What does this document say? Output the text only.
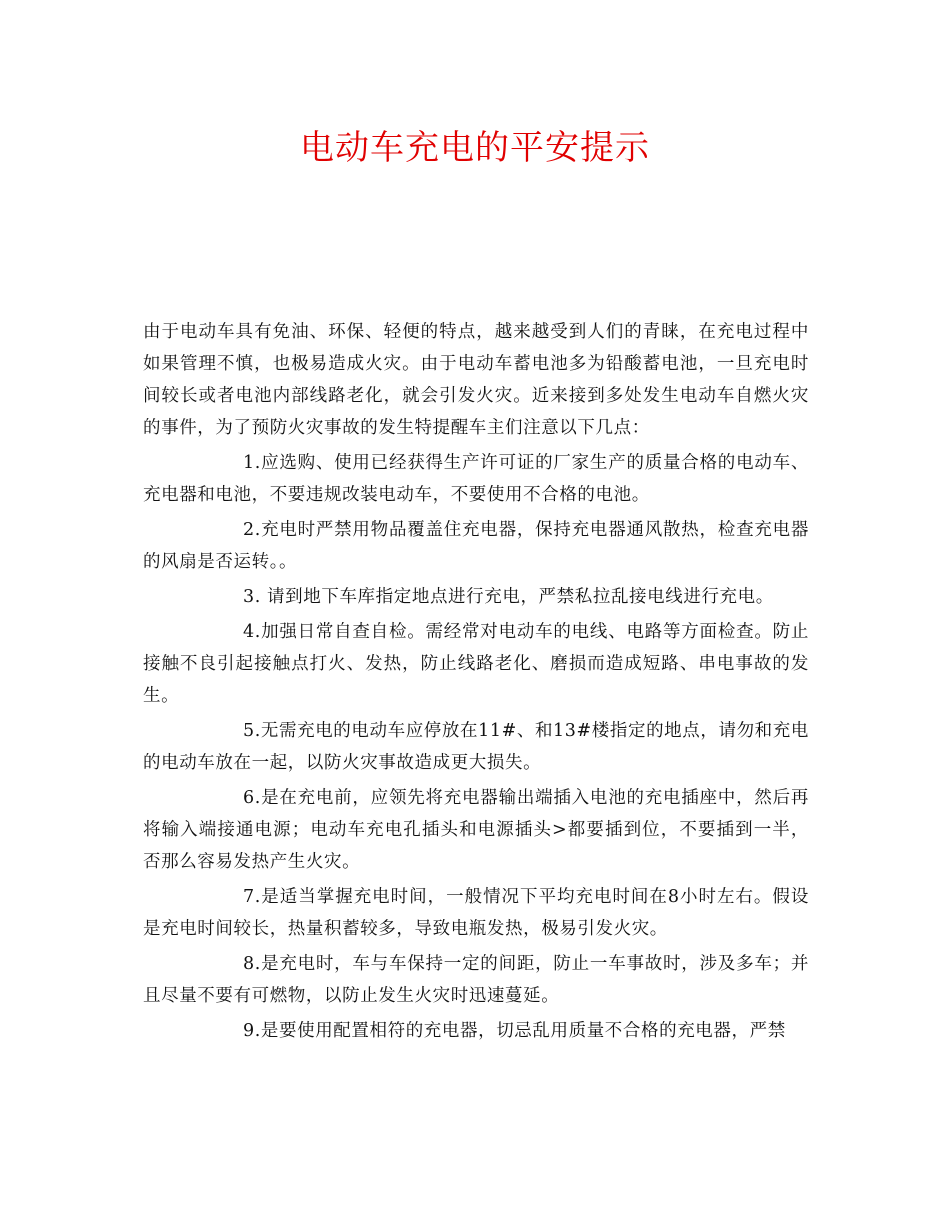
电动车充电的平安提示

由于电动车具有免油、环保、轻便的特点，越来越受到人们的青睐，在充电过程中如果管理不慎，也极易造成火灾。由于电动车蓄电池多为铅酸蓄电池，一旦充电时间较长或者电池内部线路老化，就会引发火灾。近来接到多处发生电动车自燃火灾的事件，为了预防火灾事故的发生特提醒车主们注意以下几点：

1.应选购、使用已经获得生产许可证的厂家生产的质量合格的电动车、充电器和电池，不要违规改装电动车，不要使用不合格的电池。

2.充电时严禁用物品覆盖住充电器，保持充电器通风散热，检查充电器的风扇是否运转。。

3. 请到地下车库指定地点进行充电，严禁私拉乱接电线进行充电。

4.加强日常自查自检。需经常对电动车的电线、电路等方面检查。防止接触不良引起接触点打火、发热，防止线路老化、磨损而造成短路、串电事故的发生。

5.无需充电的电动车应停放在11#、和13#楼指定的地点，请勿和充电的电动车放在一起，以防火灾事故造成更大损失。

6.是在充电前，应领先将充电器输出端插入电池的充电插座中，然后再将输入端接通电源；电动车充电孔插头和电源插头>都要插到位，不要插到一半，否那么容易发热产生火灾。

7.是适当掌握充电时间，一般情况下平均充电时间在8小时左右。假设是充电时间较长，热量积蓄较多，导致电瓶发热，极易引发火灾。

8.是充电时，车与车保持一定的间距，防止一车事故时，涉及多车；并且尽量不要有可燃物，以防止发生火灾时迅速蔓延。

9.是要使用配置相符的充电器，切忌乱用质量不合格的充电器，严禁
